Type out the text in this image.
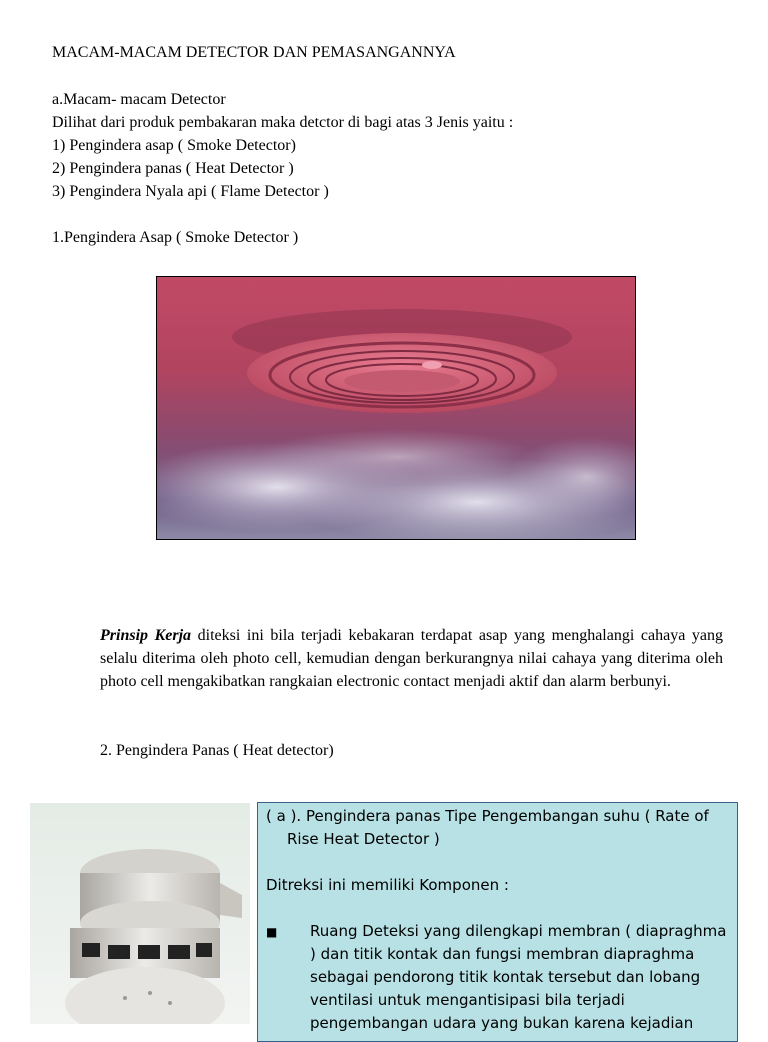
MACAM-MACAM DETECTOR DAN PEMASANGANNYA
a.Macam- macam Detector
Dilihat dari produk pembakaran maka detctor di bagi atas 3 Jenis yaitu :
1) Pengindera asap ( Smoke Detector)
2) Pengindera panas ( Heat Detector )
3) Pengindera Nyala api ( Flame Detector )
1.Pengindera Asap ( Smoke Detector )
Prinsip Kerja diteksi ini bila terjadi kebakaran terdapat asap yang menghalangi cahaya yang selalu diterima oleh photo cell, kemudian dengan berkurangnya nilai cahaya yang diterima oleh photo cell mengakibatkan rangkaian electronic contact menjadi aktif dan alarm berbunyi.
2. Pengindera Panas ( Heat detector)
( a ). Pengindera panas Tipe Pengembangan suhu ( Rate of
Rise Heat Detector )
Ditreksi ini memiliki Komponen :
■ Ruang Deteksi yang dilengkapi membran ( diapraghma ) dan titik kontak dan fungsi membran diapraghma sebagai pendorong titik kontak tersebut dan lobang ventilasi untuk mengantisipasi bila terjadi pengembangan udara yang bukan karena kejadian
